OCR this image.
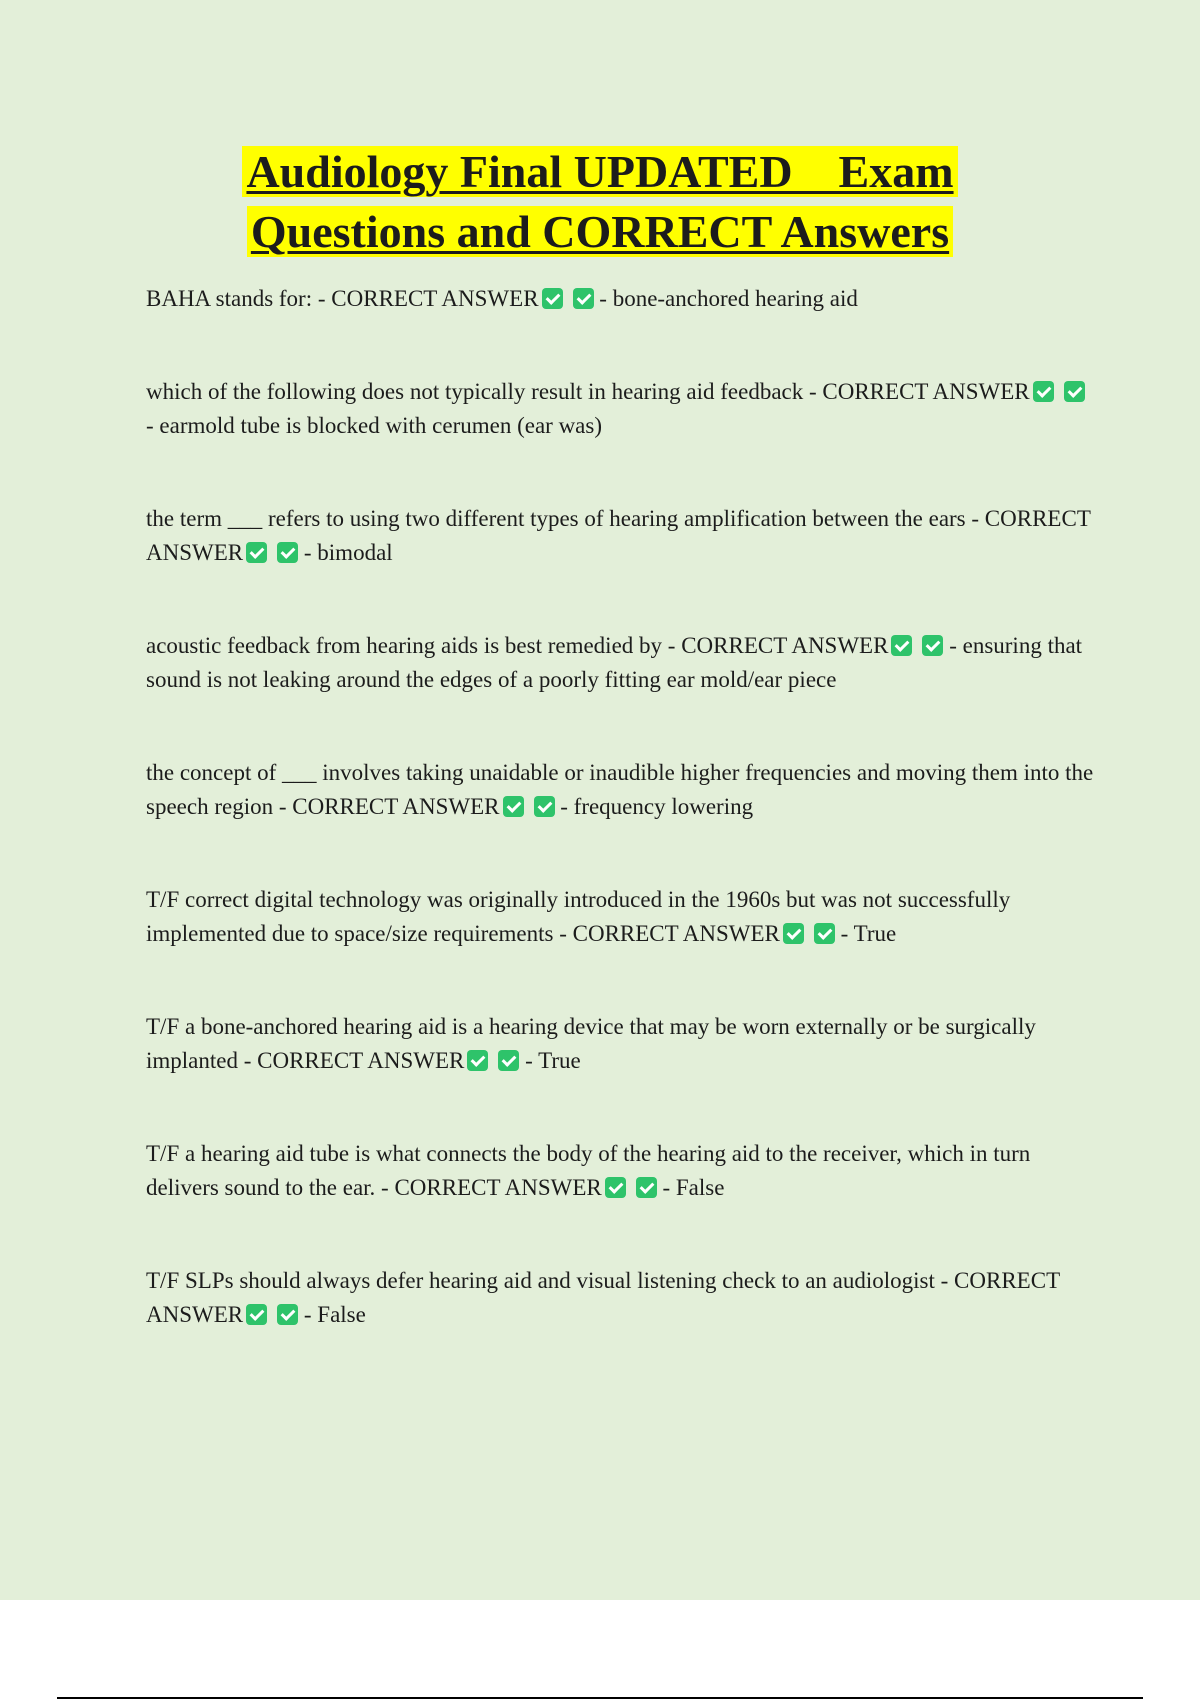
Audiology Final UPDATED    Exam
Questions and CORRECT Answers

BAHA stands for: - CORRECT ANSWER	- bone-anchored hearing aid

which of the following does not typically result in hearing aid feedback - CORRECT ANSWER - earmold tube is blocked with cerumen (ear was)

the term ___ refers to using two different types of hearing amplification between the ears - CORRECT ANSWER	- bimodal

acoustic feedback from hearing aids is best remedied by - CORRECT ANSWER	- ensuring that sound is not leaking around the edges of a poorly fitting ear mold/ear piece

the concept of ___ involves taking unaidable or inaudible higher frequencies and moving them into the speech region - CORRECT ANSWER	- frequency lowering

T/F correct digital technology was originally introduced in the 1960s but was not successfully implemented due to space/size requirements - CORRECT ANSWER	- True

T/F a bone-anchored hearing aid is a hearing device that may be worn externally or be surgically implanted - CORRECT ANSWER	- True

T/F a hearing aid tube is what connects the body of the hearing aid to the receiver, which in turn delivers sound to the ear. - CORRECT ANSWER	- False

T/F SLPs should always defer hearing aid and visual listening check to an audiologist - CORRECT ANSWER	- False
